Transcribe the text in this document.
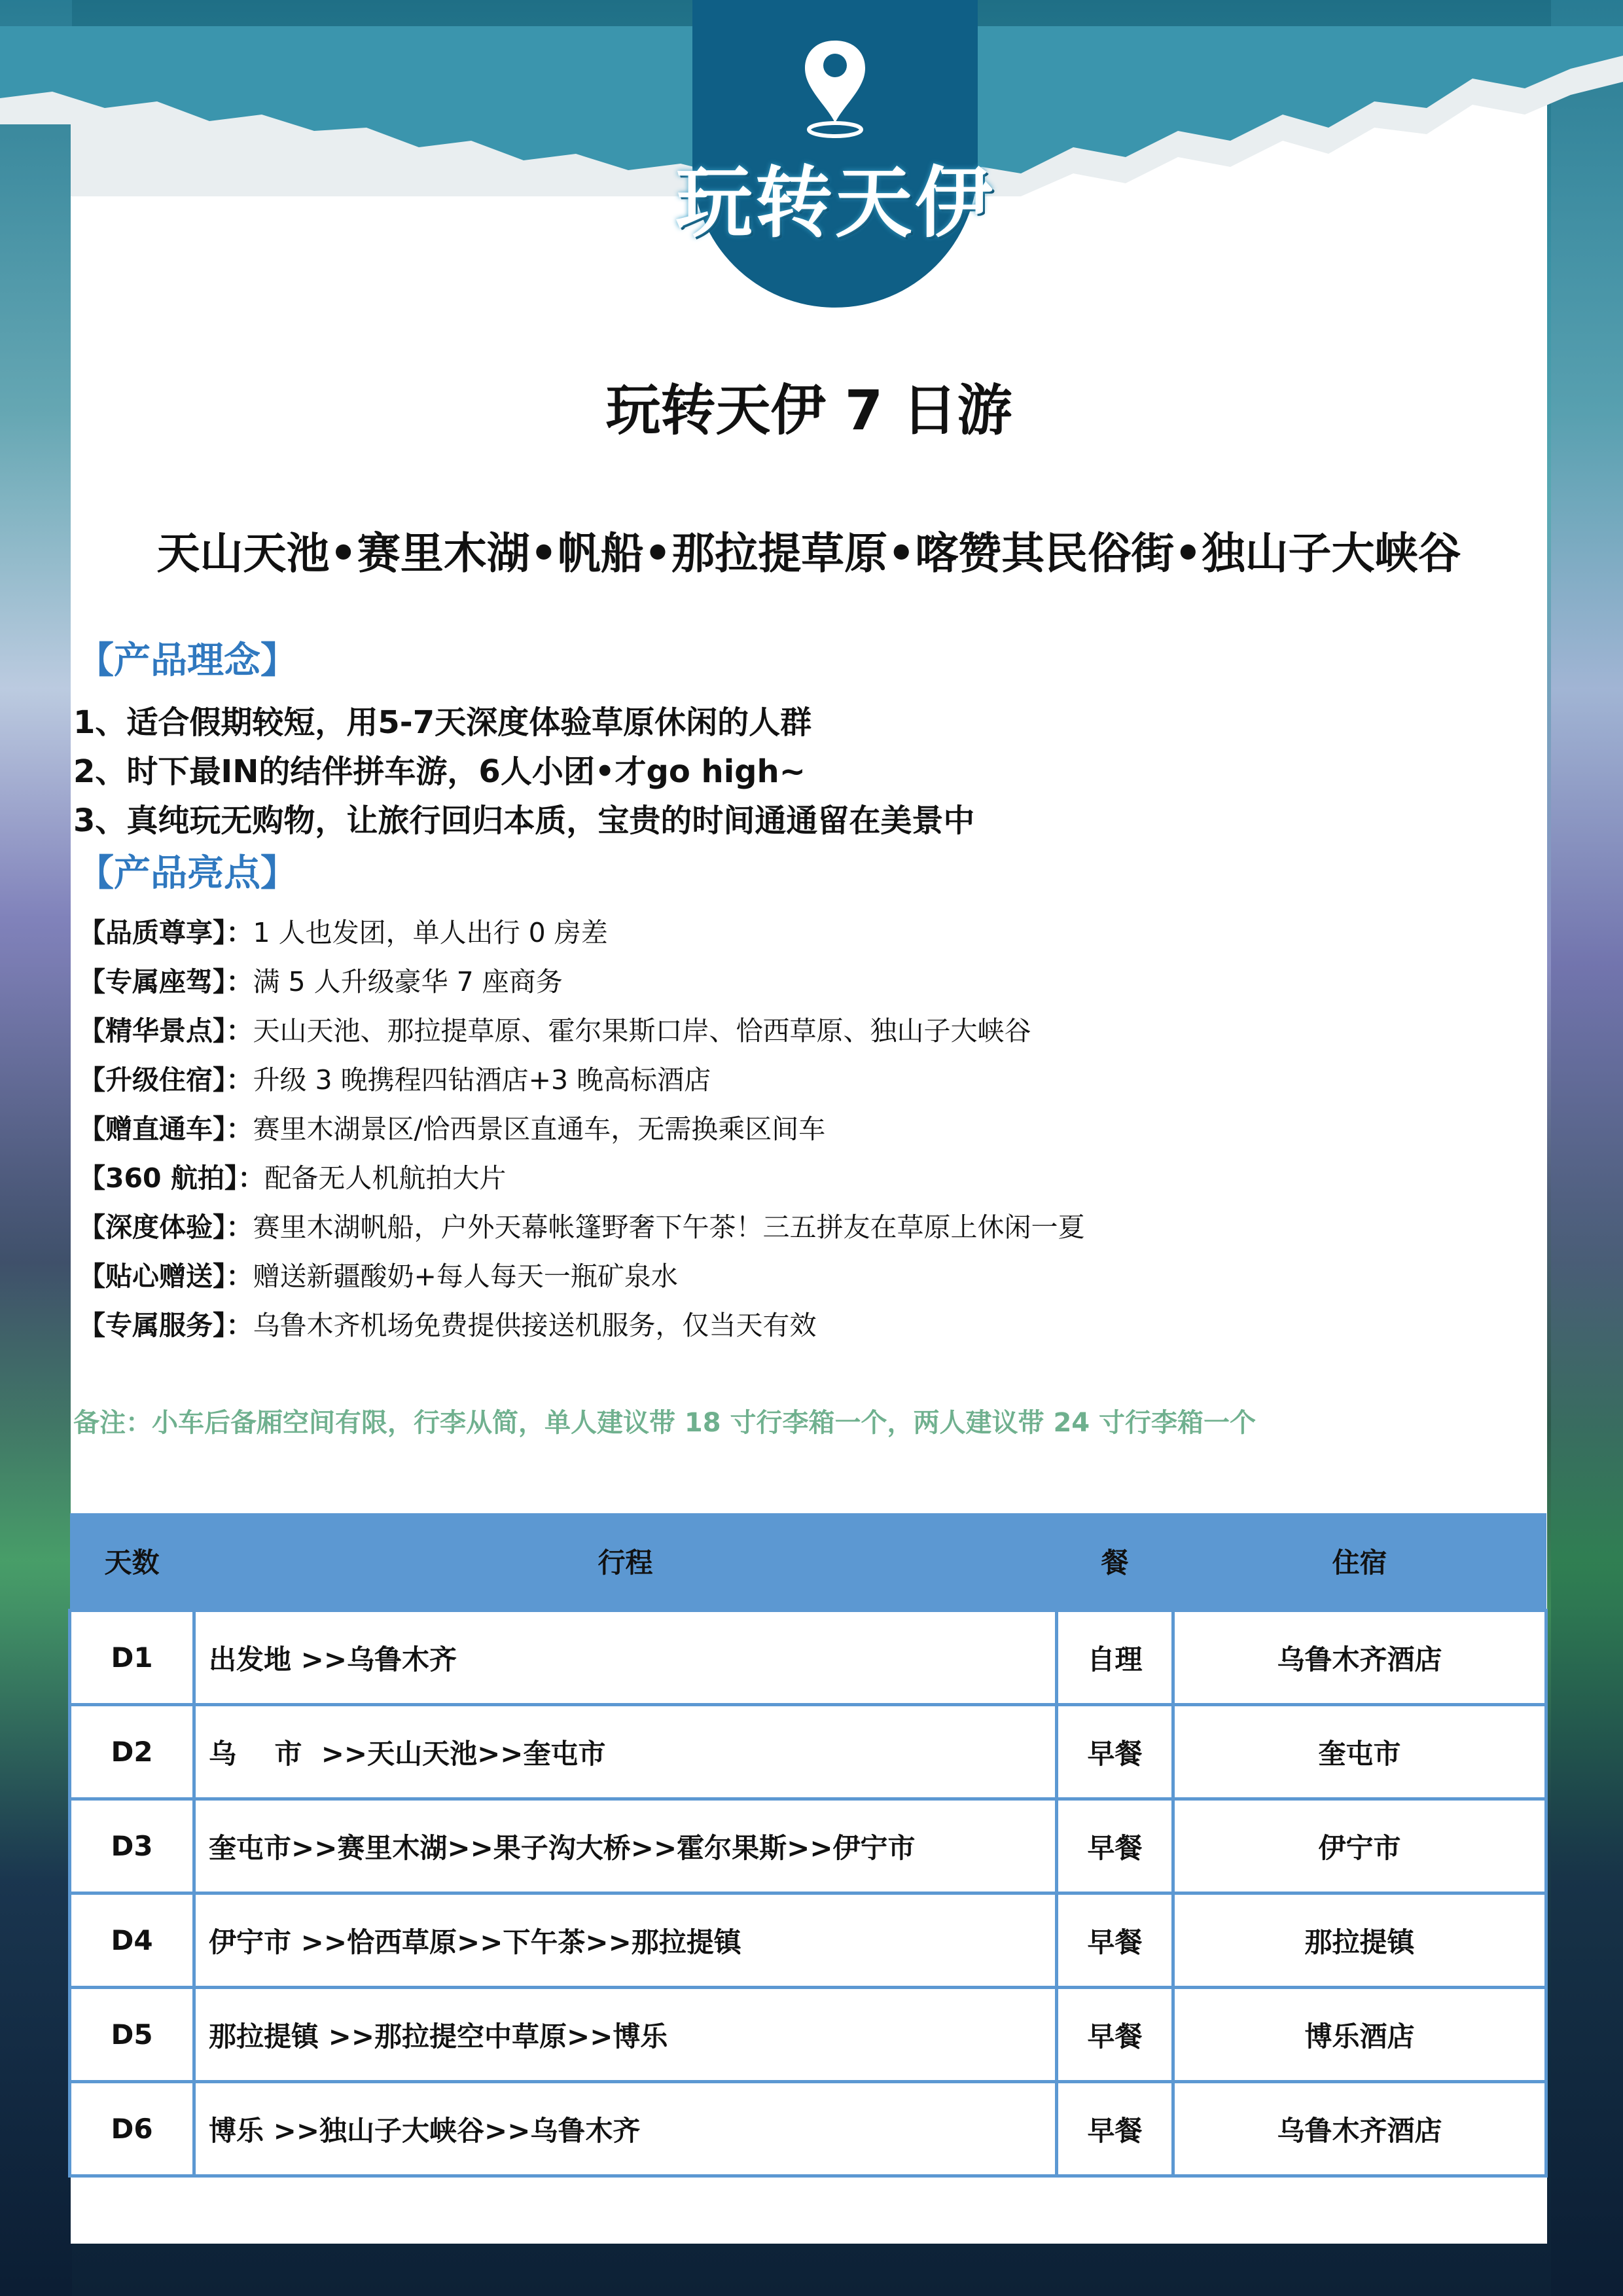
玩转天伊
玩转天伊 7 日游
天山天池•赛里木湖•帆船•那拉提草原•喀赞其民俗街•独山子大峡谷
【产品理念】
1、适合假期较短，用5-7天深度体验草原休闲的人群
2、时下最IN的结伴拼车游，6人小团•才go high~
3、真纯玩无购物，让旅行回归本质，宝贵的时间通通留在美景中
【产品亮点】
【品质尊享】：1 人也发团，单人出行 0 房差
【专属座驾】：满 5 人升级豪华 7 座商务
【精华景点】：天山天池、那拉提草原、霍尔果斯口岸、恰西草原、独山子大峡谷
【升级住宿】：升级 3 晚携程四钻酒店+3 晚高标酒店
【赠直通车】：赛里木湖景区/恰西景区直通车，无需换乘区间车
【360 航拍】：配备无人机航拍大片
【深度体验】：赛里木湖帆船，户外天幕帐篷野奢下午茶！三五拼友在草原上休闲一夏
【贴心赠送】：赠送新疆酸奶+每人每天一瓶矿泉水
【专属服务】：乌鲁木齐机场免费提供接送机服务，仅当天有效
备注：小车后备厢空间有限，行李从简，单人建议带 18 寸行李箱一个，两人建议带 24 寸行李箱一个
天数	行程	餐	住宿
D1	出发地 >>乌鲁木齐	自理	乌鲁木齐酒店
D2	乌    市  >>天山天池>>奎屯市	早餐	奎屯市
D3	奎屯市>>赛里木湖>>果子沟大桥>>霍尔果斯>>伊宁市	早餐	伊宁市
D4	伊宁市 >>恰西草原>>下午茶>>那拉提镇	早餐	那拉提镇
D5	那拉提镇 >>那拉提空中草原>>博乐	早餐	博乐酒店
D6	博乐 >>独山子大峡谷>>乌鲁木齐	早餐	乌鲁木齐酒店
